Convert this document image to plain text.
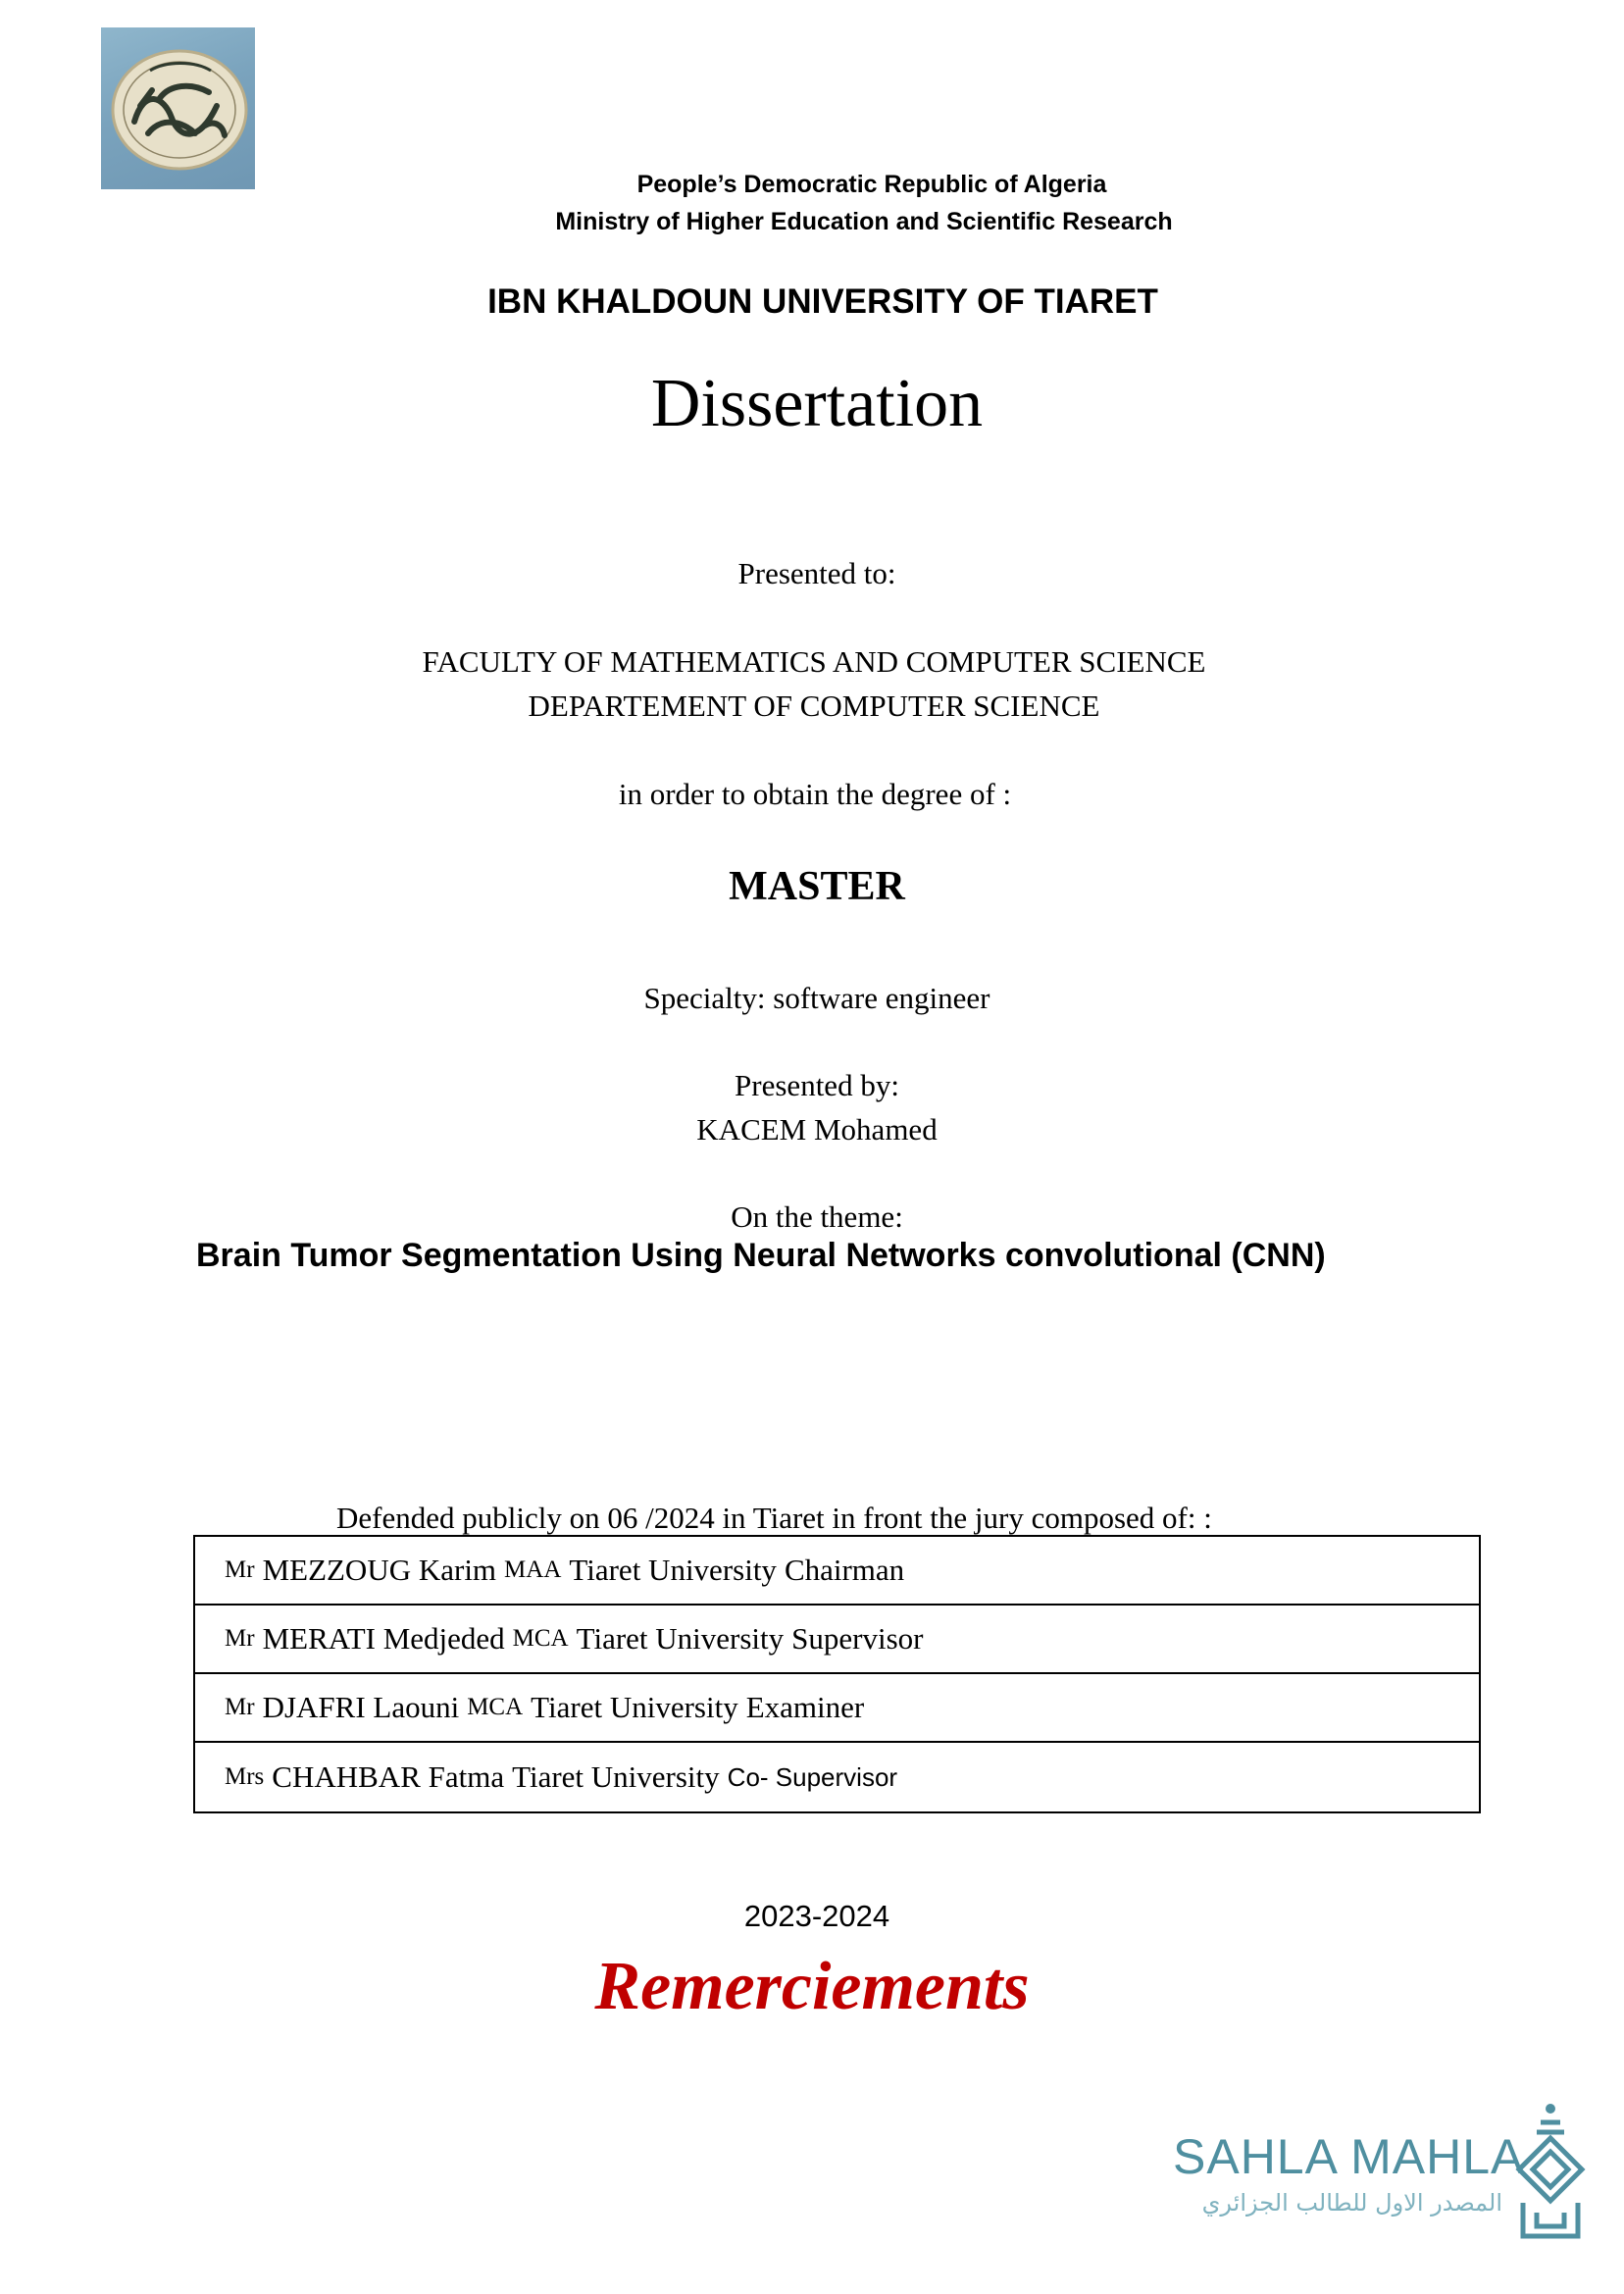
People’s Democratic Republic of Algeria
Ministry of Higher Education and Scientific Research
IBN KHALDOUN UNIVERSITY OF TIARET
Dissertation
Presented to:
FACULTY OF MATHEMATICS AND COMPUTER SCIENCE
DEPARTEMENT OF COMPUTER SCIENCE
in order to obtain the degree of :
MASTER
Specialty: software engineer
Presented by:
KACEM Mohamed
On the theme:
Brain Tumor Segmentation Using Neural Networks convolutional (CNN)
Defended publicly on 06 /2024 in Tiaret in front the jury composed of: :
Mr MEZZOUG Karim MAA Tiaret University Chairman
Mr MERATI Medjeded MCA Tiaret University Supervisor
Mr DJAFRI Laouni MCA Tiaret University Examiner
Mrs CHAHBAR Fatma Tiaret University Co- Supervisor
2023-2024
Remerciements
SAHLA MAHLA
المصدر الاول للطالب الجزائري
